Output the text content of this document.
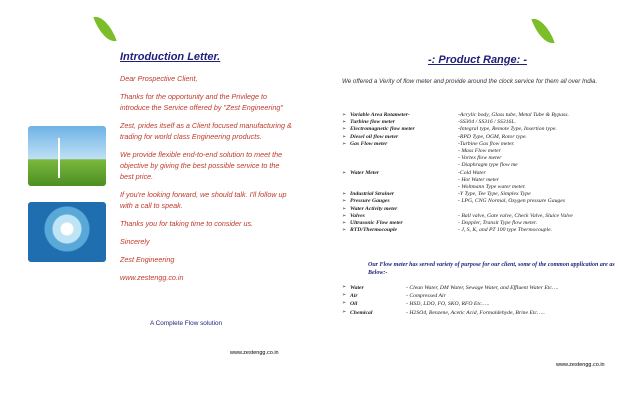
Introduction Letter.

Dear Prospective Client,

Thanks for the opportunity and the Privilege to introduce the Service offered by "Zest Engineering"

Zest, prides itself as a Client focused manufacturing & trading for world class Engineering products.

We provide flexible end-to-end solution to meet the objective by giving the best possible service to the best price.

If you're looking forward, we should talk. I'll follow up with a call to speak.

Thanks you for taking time to consider us.

Sincerely

Zest Engineering

www.zestengg.co.in

A Complete Flow solution
www.zestengg.co.in
-: Product Range: -
We offered a Verity of flow meter and provide around the clock service for them all over India.
➢ Variable Area Rotameter-	-Acrylic body, Glass tube, Metal Tube & Bypass.
➢ Turbine flow meter	-SS304 / SS316 / SS316L.
➢ Electromagnetic flow meter	-Integral type, Remote Type, Insertion type.
➢ Diesel oil flow meter	-RPD Type, OGM, Rotor type.
➢ Gas Flow meter	-Turbine Gas flow meter.
- Mass Flow meter
- Vortex flow meter
- Diaphragm type flow me
➢ Water Meter	-Cold Water
- Hot Water meter
- Woltmann Type water meter.
➢ Industrial Strainer	-Y Type, Tee Type, Simplex Type
➢ Pressure Gauges	- LPG, CNG Normal, Oxygen pressure Gauges
➢ Water Activity meter
➢ Valves	- Ball valve, Gate valve, Check Valve, Sluice Valve
➢ Ultrasonic Flow meter	- Doppler, Transit Type flow meter.
➢ RTD/Thermocouple	- J, S, K, and PT 100 type Thermocouple.

Our Flow meter has served variety of purpose for our client, some of the common application are as Below:-

➢ Water	- Clean Water, DM Water, Sewage Water, and Effluent Water Etc….
➢ Air	- Compressed Air
➢ Oil	- HSD, LDO, FO, SKO, RFO Etc…..
➢ Chemical	- H2SO4, Benzene, Acetic Acid, Formaldehyde, Brine Etc…..
www.zestengg.co.in
